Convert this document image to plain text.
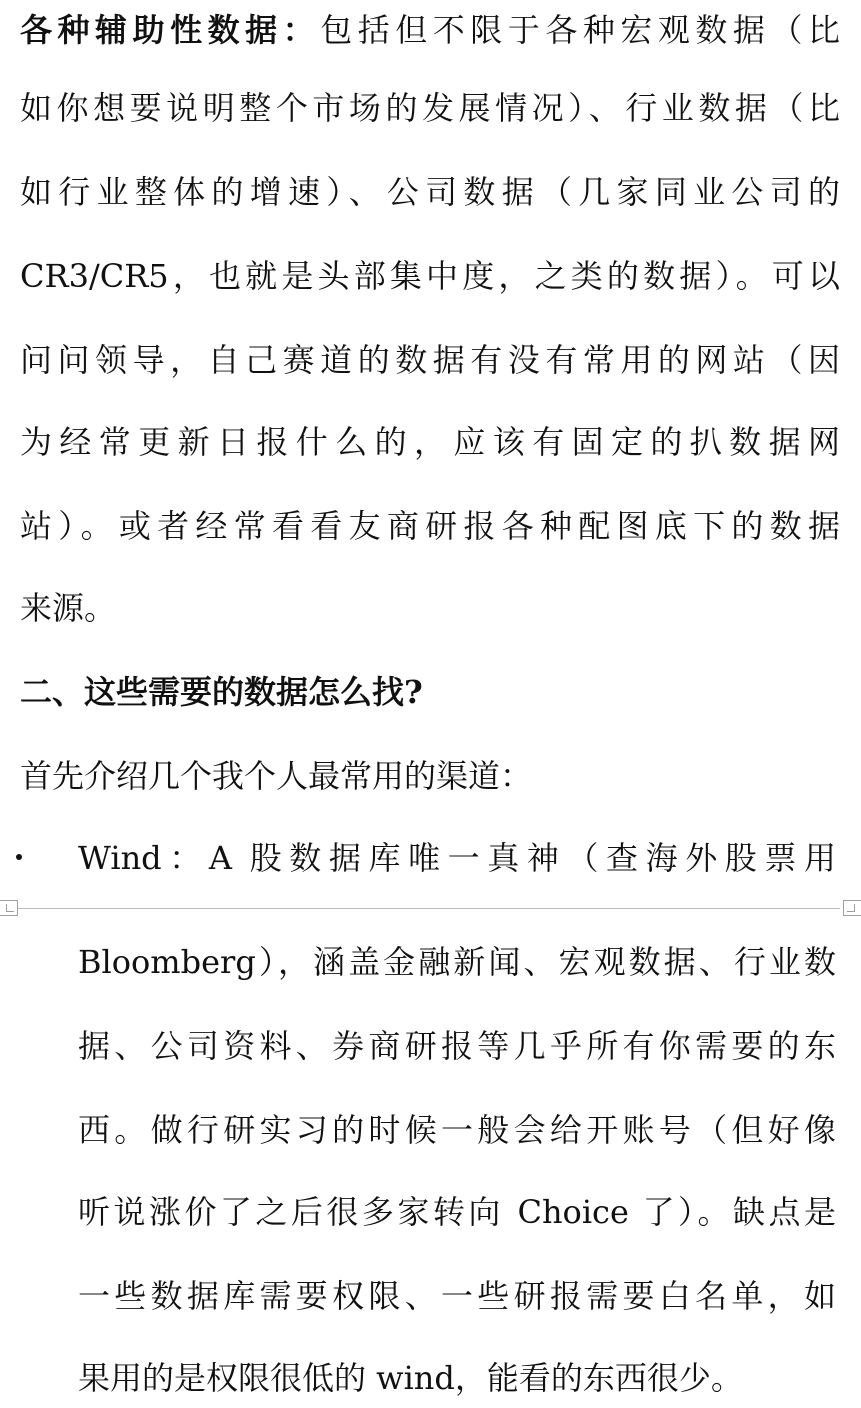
各种辅助性数据：包括但不限于各种宏观数据（比
如你想要说明整个市场的发展情况）、行业数据（比
如行业整体的增速）、公司数据（几家同业公司的
CR3/CR5，也就是头部集中度，之类的数据）。可以
问问领导，自己赛道的数据有没有常用的网站（因
为经常更新日报什么的，应该有固定的扒数据网
站）。或者经常看看友商研报各种配图底下的数据
来源。
二、这些需要的数据怎么找?
首先介绍几个我个人最常用的渠道：
Wind：A 股数据库唯一真神（查海外股票用
Bloomberg），涵盖金融新闻、宏观数据、行业数
据、公司资料、券商研报等几乎所有你需要的东
西。做行研实习的时候一般会给开账号（但好像
听说涨价了之后很多家转向 Choice 了）。缺点是
一些数据库需要权限、一些研报需要白名单，如
果用的是权限很低的 wind，能看的东西很少。
